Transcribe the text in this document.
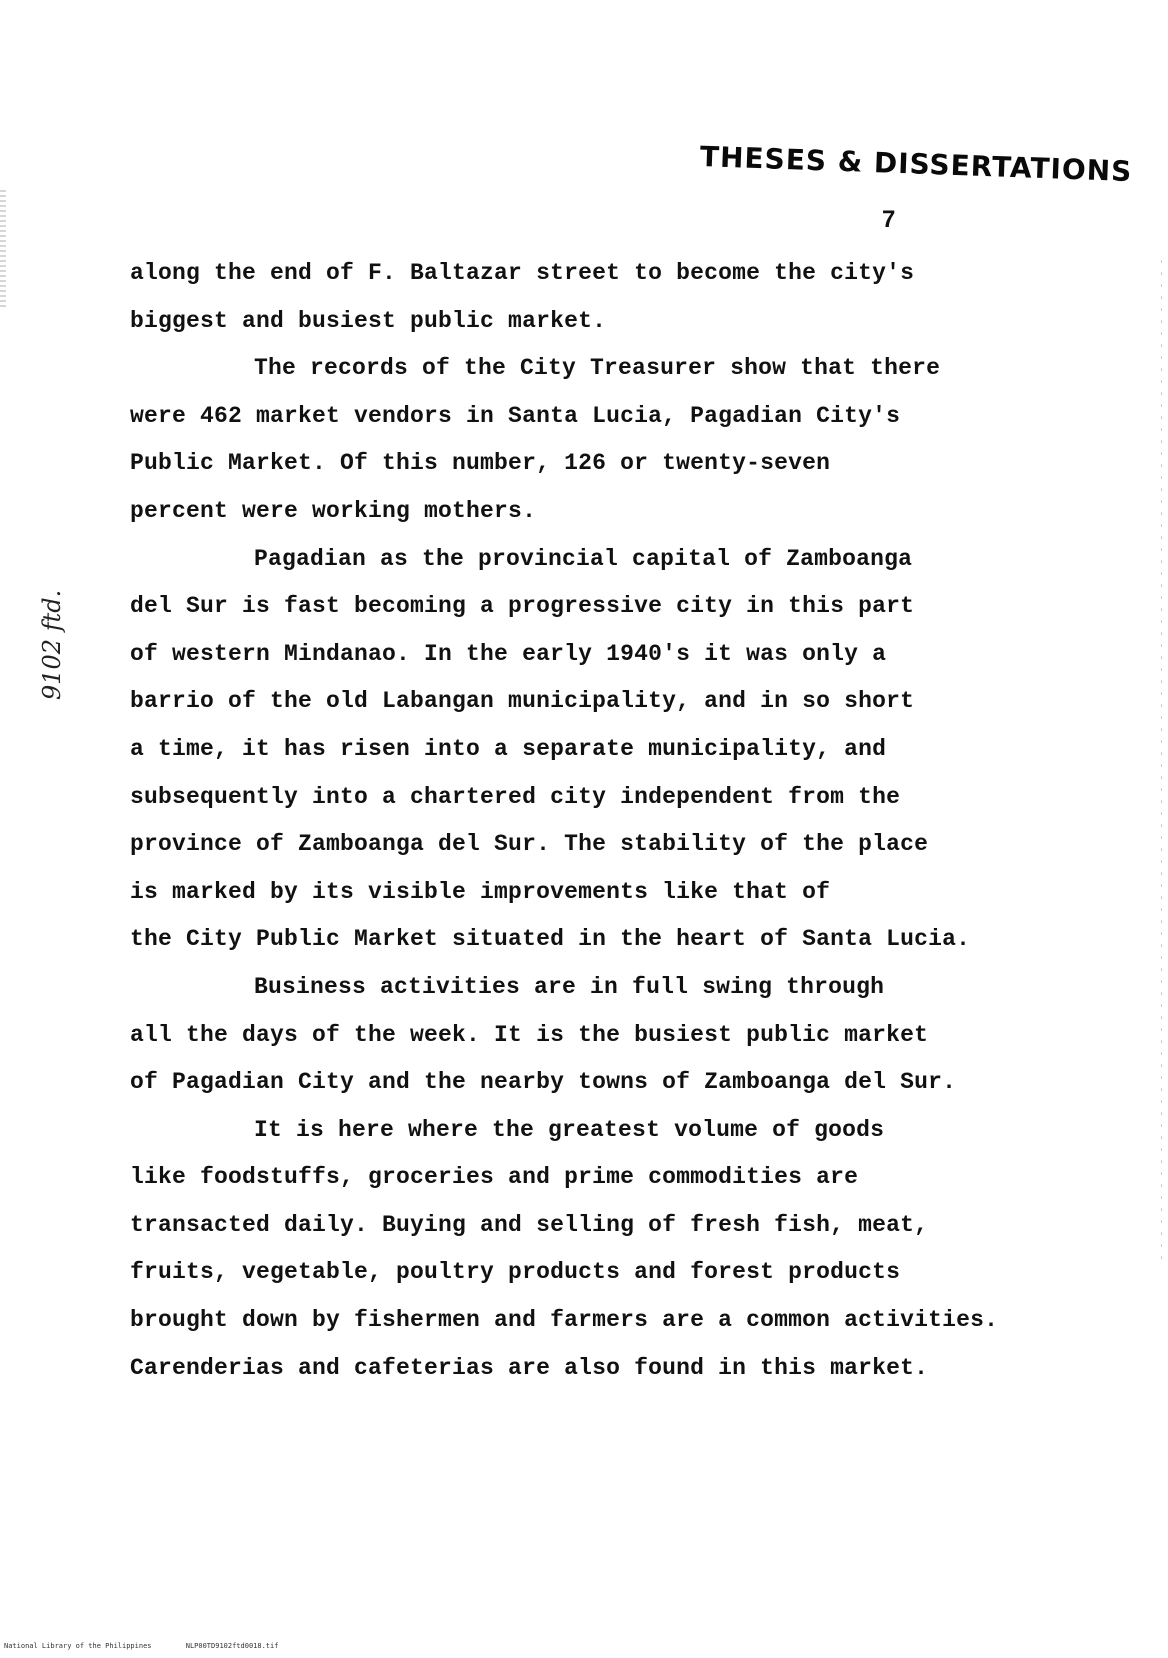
THESES & DISSERTATIONS
7
9102 ftd.
along the end of F. Baltazar street to become the city's
biggest and busiest public market.
The records of the City Treasurer show that there
were 462 market vendors in Santa Lucia, Pagadian City's
Public Market. Of this number, 126 or twenty-seven
percent were working mothers.
Pagadian as the provincial capital of Zamboanga
del Sur is fast becoming a progressive city in this part
of western Mindanao. In the early 1940's it was only a
barrio of the old Labangan municipality, and in so short
a time, it has risen into a separate municipality, and
subsequently into a chartered city independent from the
province of Zamboanga del Sur. The stability of the place
is marked by its visible improvements like that of
the City Public Market situated in the heart of Santa Lucia.
Business activities are in full swing through
all the days of the week. It is the busiest public market
of Pagadian City and the nearby towns of Zamboanga del Sur.
It is here where the greatest volume of goods
like foodstuffs, groceries and prime commodities are
transacted daily. Buying and selling of fresh fish, meat,
fruits, vegetable, poultry products and forest products
brought down by fishermen and farmers are a common activities.
Carenderias and cafeterias are also found in this market.
National Library of the Philippines	NLP00TD9102ftd0018.tif
